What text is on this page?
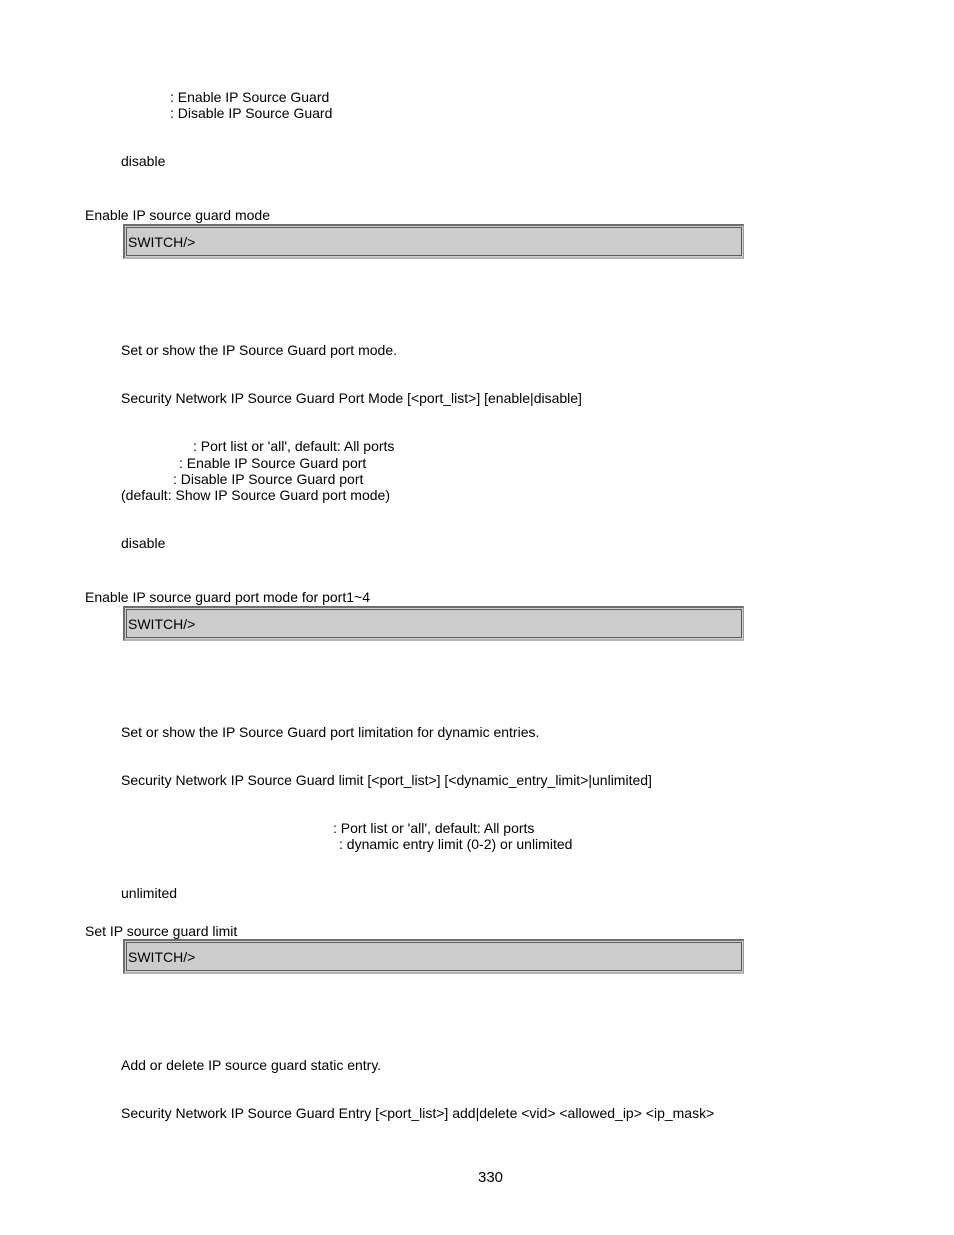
: Enable IP Source Guard
: Disable IP Source Guard
disable
Enable IP source guard mode
SWITCH/>
Set or show the IP Source Guard port mode.
Security Network IP Source Guard Port Mode [<port_list>] [enable|disable]
: Port list or 'all', default: All ports
: Enable IP Source Guard port
: Disable IP Source Guard port
(default: Show IP Source Guard port mode)
disable
Enable IP source guard port mode for port1~4
SWITCH/>
Set or show the IP Source Guard port limitation for dynamic entries.
Security Network IP Source Guard limit [<port_list>] [<dynamic_entry_limit>|unlimited]
: Port list or 'all', default: All ports
: dynamic entry limit (0-2) or unlimited
unlimited
Set IP source guard limit
SWITCH/>
Add or delete IP source guard static entry.
Security Network IP Source Guard Entry [<port_list>] add|delete <vid> <allowed_ip> <ip_mask>
330
